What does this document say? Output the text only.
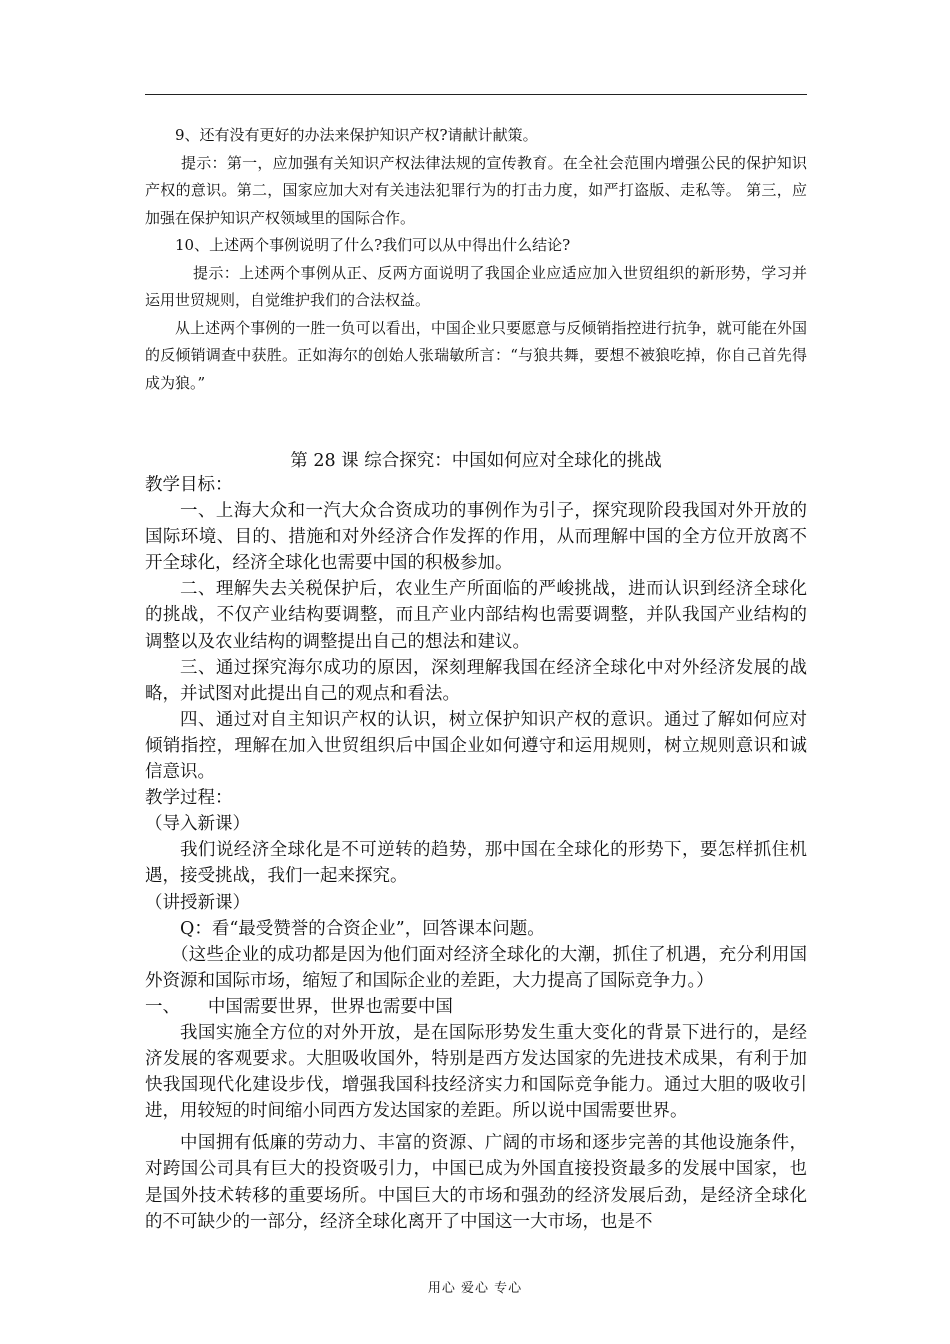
9、还有没有更好的办法来保护知识产权?请献计献策。

提示：第一，应加强有关知识产权法律法规的宣传教育。在全社会范围内增强公民的保护知识产权的意识。第二，国家应加大对有关违法犯罪行为的打击力度，如严打盗版、走私等。 第三，应加强在保护知识产权领域里的国际合作。

10、上述两个事例说明了什么?我们可以从中得出什么结论?

提示：上述两个事例从正、反两方面说明了我国企业应适应加入世贸组织的新形势，学习并运用世贸规则，自觉维护我们的合法权益。

从上述两个事例的一胜一负可以看出，中国企业只要愿意与反倾销指控进行抗争，就可能在外国的反倾销调查中获胜。正如海尔的创始人张瑞敏所言：“与狼共舞，要想不被狼吃掉，你自己首先得成为狼。”

第 28 课 综合探究：中国如何应对全球化的挑战

教学目标：

一、上海大众和一汽大众合资成功的事例作为引子，探究现阶段我国对外开放的国际环境、目的、措施和对外经济合作发挥的作用，从而理解中国的全方位开放离不开全球化，经济全球化也需要中国的积极参加。

二、理解失去关税保护后，农业生产所面临的严峻挑战，进而认识到经济全球化的挑战，不仅产业结构要调整，而且产业内部结构也需要调整，并队我国产业结构的调整以及农业结构的调整提出自己的想法和建议。

三、通过探究海尔成功的原因，深刻理解我国在经济全球化中对外经济发展的战略，并试图对此提出自己的观点和看法。

四、通过对自主知识产权的认识，树立保护知识产权的意识。通过了解如何应对倾销指控，理解在加入世贸组织后中国企业如何遵守和运用规则，树立规则意识和诚信意识。

教学过程：

（导入新课）

我们说经济全球化是不可逆转的趋势，那中国在全球化的形势下，要怎样抓住机遇，接受挑战，我们一起来探究。

（讲授新课）

Q：看“最受赞誉的合资企业”，回答课本问题。

（这些企业的成功都是因为他们面对经济全球化的大潮，抓住了机遇，充分利用国外资源和国际市场，缩短了和国际企业的差距，大力提高了国际竞争力。）

一、     中国需要世界，世界也需要中国

我国实施全方位的对外开放，是在国际形势发生重大变化的背景下进行的，是经济发展的客观要求。大胆吸收国外，特别是西方发达国家的先进技术成果，有利于加快我国现代化建设步伐，增强我国科技经济实力和国际竞争能力。通过大胆的吸收引进，用较短的时间缩小同西方发达国家的差距。所以说中国需要世界。

中国拥有低廉的劳动力、丰富的资源、广阔的市场和逐步完善的其他设施条件，对跨国公司具有巨大的投资吸引力，中国已成为外国直接投资最多的发展中国家，也是国外技术转移的重要场所。中国巨大的市场和强劲的经济发展后劲，是经济全球化的不可缺少的一部分，经济全球化离开了中国这一大市场，也是不

用心 爱心 专心
